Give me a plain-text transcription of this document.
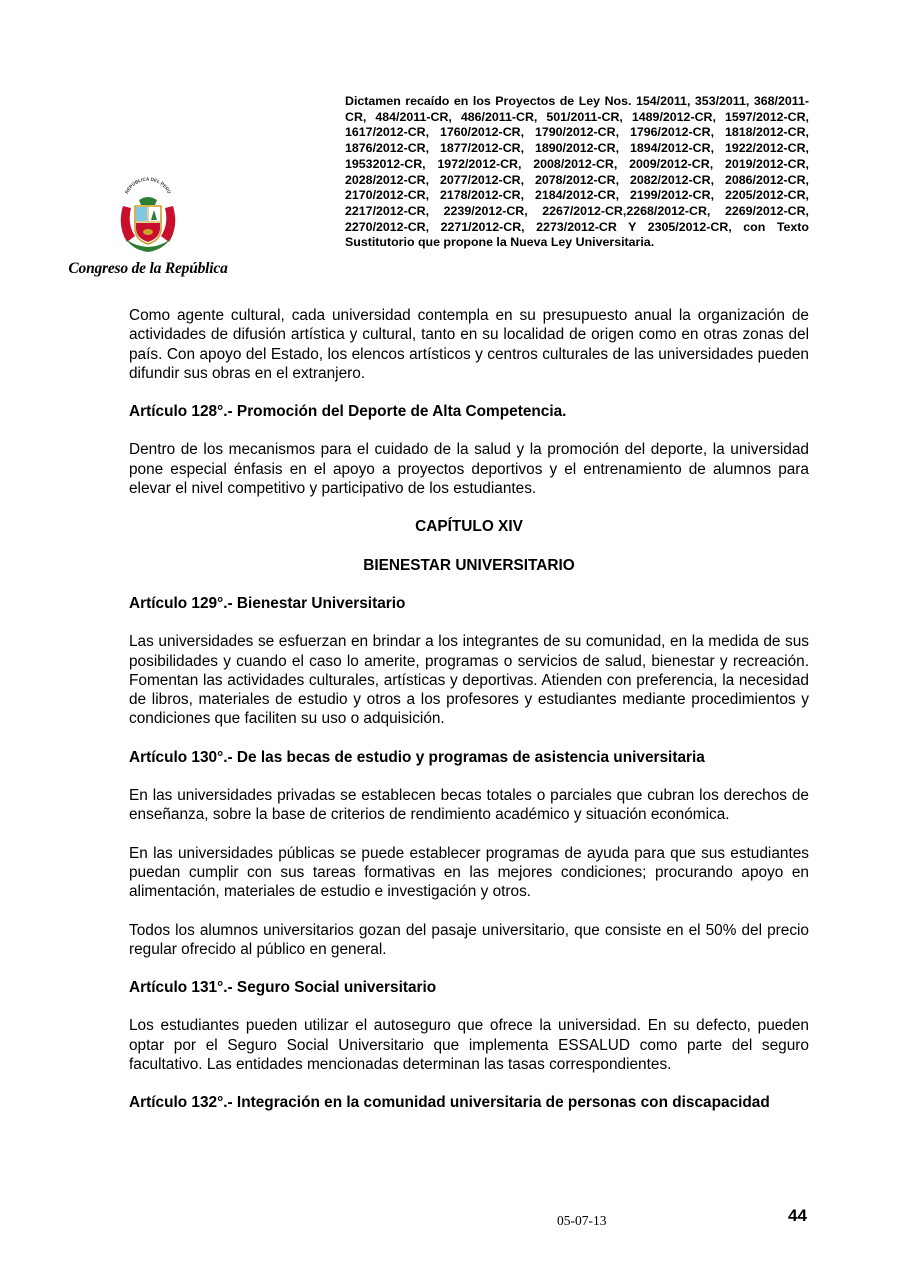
REPÚBLICA DEL PERÚ
Congreso de la República

Dictamen recaído en los Proyectos de Ley Nos. 154/2011, 353/2011, 368/2011-CR, 484/2011-CR, 486/2011-CR, 501/2011-CR, 1489/2012-CR, 1597/2012-CR, 1617/2012-CR, 1760/2012-CR, 1790/2012-CR, 1796/2012-CR, 1818/2012-CR, 1876/2012-CR, 1877/2012-CR, 1890/2012-CR, 1894/2012-CR, 1922/2012-CR, 19532012-CR, 1972/2012-CR, 2008/2012-CR, 2009/2012-CR, 2019/2012-CR, 2028/2012-CR, 2077/2012-CR, 2078/2012-CR, 2082/2012-CR, 2086/2012-CR, 2170/2012-CR, 2178/2012-CR, 2184/2012-CR, 2199/2012-CR, 2205/2012-CR, 2217/2012-CR, 2239/2012-CR, 2267/2012-CR,2268/2012-CR, 2269/2012-CR, 2270/2012-CR, 2271/2012-CR, 2273/2012-CR Y 2305/2012-CR, con Texto Sustitutorio que propone la Nueva Ley Universitaria.

Como agente cultural, cada universidad contempla en su presupuesto anual la organización de actividades de difusión artística y cultural, tanto en su localidad de origen como en otras zonas del país. Con apoyo del Estado, los elencos artísticos y centros culturales de las universidades pueden difundir sus obras en el extranjero.

Artículo 128°.- Promoción del Deporte de Alta Competencia.

Dentro de los mecanismos para el cuidado de la salud y la promoción del deporte, la universidad pone especial énfasis en el apoyo a proyectos deportivos y el entrenamiento de alumnos para elevar el nivel competitivo y participativo de los estudiantes.

CAPÍTULO XIV

BIENESTAR UNIVERSITARIO

Artículo 129°.- Bienestar Universitario

Las universidades se esfuerzan en brindar a los integrantes de su comunidad, en la medida de sus posibilidades y cuando el caso lo amerite, programas o servicios de salud, bienestar y recreación. Fomentan las actividades culturales, artísticas y deportivas. Atienden con preferencia, la necesidad de libros, materiales de estudio y otros a los profesores y estudiantes mediante procedimientos y condiciones que faciliten su uso o adquisición.

Artículo 130°.- De las becas de estudio y programas de asistencia universitaria

En las universidades privadas se establecen becas totales o parciales que cubran los derechos de enseñanza, sobre la base de criterios de rendimiento académico y situación económica.

En las universidades públicas se puede establecer programas de ayuda para que sus estudiantes puedan cumplir con sus tareas formativas en las mejores condiciones; procurando apoyo en alimentación, materiales de estudio e investigación y otros.

Todos los alumnos universitarios gozan del pasaje universitario, que consiste en el 50% del precio regular ofrecido al público en general.

Artículo 131°.- Seguro Social universitario

Los estudiantes pueden utilizar el autoseguro que ofrece la universidad. En su defecto, pueden optar por el Seguro Social Universitario que implementa ESSALUD como parte del seguro facultativo. Las entidades mencionadas determinan las tasas correspondientes.

Artículo 132°.- Integración en la comunidad universitaria de personas con discapacidad

05-07-13	44
